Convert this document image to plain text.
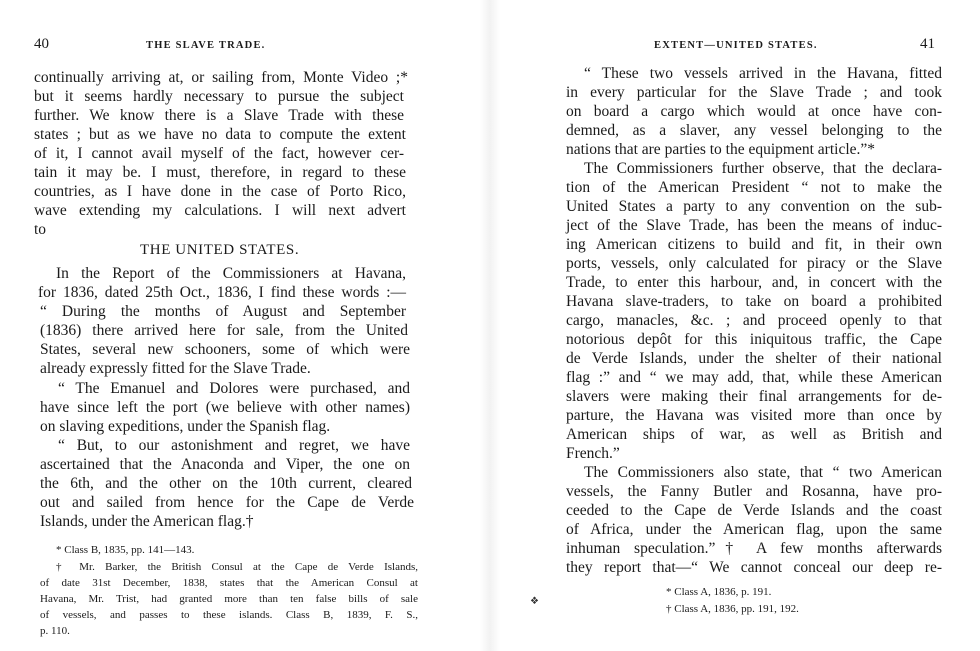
40	THE SLAVE TRADE.
continually arriving at, or sailing from, Monte Video ;*
but it seems hardly necessary to pursue the subject
further. We know there is a Slave Trade with these
states ; but as we have no data to compute the extent
of it, I cannot avail myself of the fact, however cer-
tain it may be. I must, therefore, in regard to these
countries, as I have done in the case of Porto Rico,
wave extending my calculations. I will next advert
to
THE UNITED STATES.
In the Report of the Commissioners at Havana,
for 1836, dated 25th Oct., 1836, I find these words :—
“ During the months of August and September
(1836) there arrived here for sale, from the United
States, several new schooners, some of which were
already expressly fitted for the Slave Trade.
“ The Emanuel and Dolores were purchased, and
have since left the port (we believe with other names)
on slaving expeditions, under the Spanish flag.
“ But, to our astonishment and regret, we have
ascertained that the Anaconda and Viper, the one on
the 6th, and the other on the 10th current, cleared
out and sailed from hence for the Cape de Verde
Islands, under the American flag.†
* Class B, 1835, pp. 141—143.
† Mr. Barker, the British Consul at the Cape de Verde Islands,
of date 31st December, 1838, states that the American Consul at
Havana, Mr. Trist, had granted more than ten false bills of sale
of vessels, and passes to these islands. Class B, 1839, F. S.,
p. 110.
EXTENT—UNITED STATES.	41
“ These two vessels arrived in the Havana, fitted
in every particular for the Slave Trade ; and took
on board a cargo which would at once have con-
demned, as a slaver, any vessel belonging to the
nations that are parties to the equipment article.”*
The Commissioners further observe, that the declara-
tion of the American President “ not to make the
United States a party to any convention on the sub-
ject of the Slave Trade, has been the means of induc-
ing American citizens to build and fit, in their own
ports, vessels, only calculated for piracy or the Slave
Trade, to enter this harbour, and, in concert with the
Havana slave-traders, to take on board a prohibited
cargo, manacles, &c. ; and proceed openly to that
notorious depôt for this iniquitous traffic, the Cape
de Verde Islands, under the shelter of their national
flag :” and “ we may add, that, while these American
slavers were making their final arrangements for de-
parture, the Havana was visited more than once by
American ships of war, as well as British and
French.”
The Commissioners also state, that “ two American
vessels, the Fanny Butler and Rosanna, have pro-
ceeded to the Cape de Verde Islands and the coast
of Africa, under the American flag, upon the same
inhuman speculation.”† A few months afterwards
they report that—“ We cannot conceal our deep re-
* Class A, 1836, p. 191.
† Class A, 1836, pp. 191, 192.
❖
